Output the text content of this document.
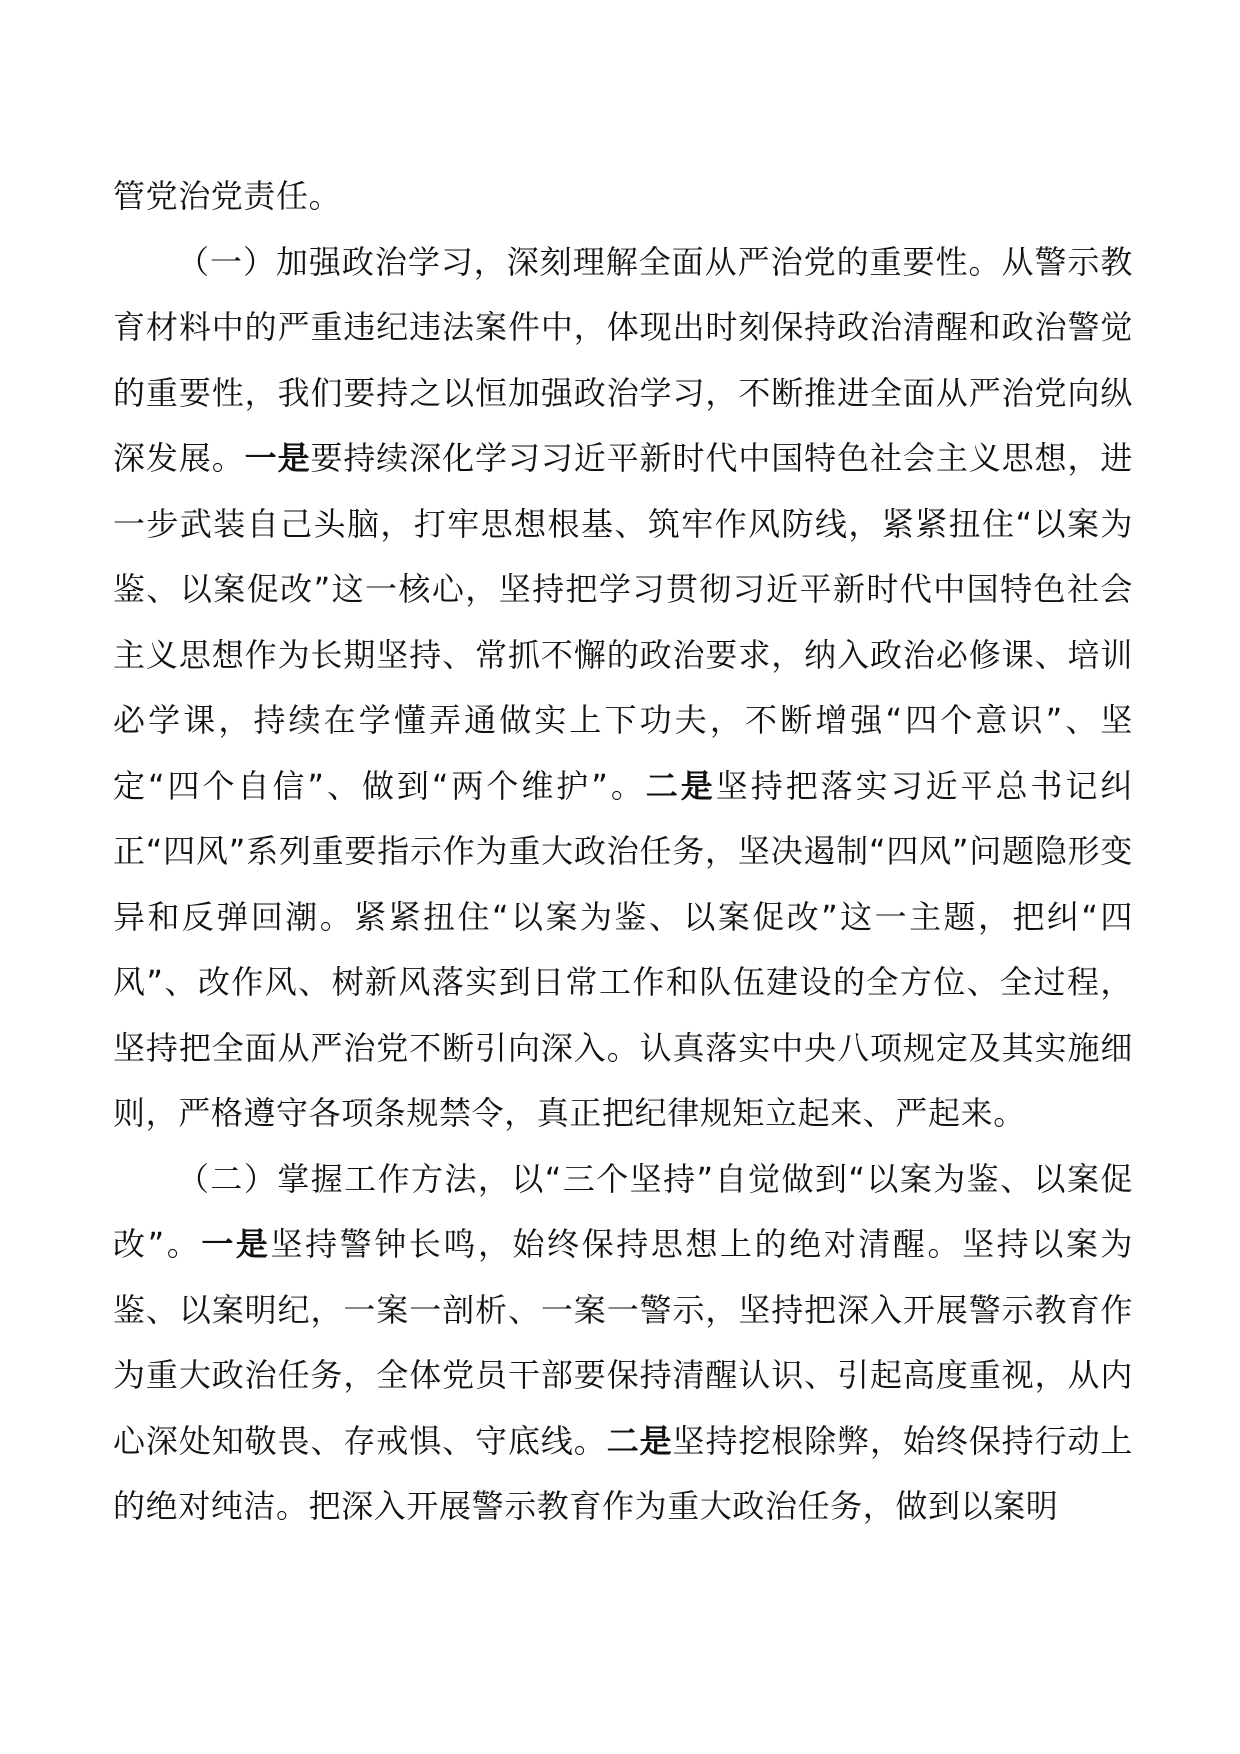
管党治党责任。

（一）加强政治学习，深刻理解全面从严治党的重要性。从警示教育材料中的严重违纪违法案件中，体现出时刻保持政治清醒和政治警觉的重要性，我们要持之以恒加强政治学习，不断推进全面从严治党向纵深发展。一是要持续深化学习习近平新时代中国特色社会主义思想，进一步武装自己头脑，打牢思想根基、筑牢作风防线，紧紧扭住“以案为鉴、以案促改”这一核心，坚持把学习贯彻习近平新时代中国特色社会主义思想作为长期坚持、常抓不懈的政治要求，纳入政治必修课、培训必学课，持续在学懂弄通做实上下功夫，不断增强“四个意识”、坚定“四个自信”、做到“两个维护”。二是坚持把落实习近平总书记纠正“四风”系列重要指示作为重大政治任务，坚决遏制“四风”问题隐形变异和反弹回潮。紧紧扭住“以案为鉴、以案促改”这一主题，把纠“四风”、改作风、树新风落实到日常工作和队伍建设的全方位、全过程，坚持把全面从严治党不断引向深入。认真落实中央八项规定及其实施细则，严格遵守各项条规禁令，真正把纪律规矩立起来、严起来。

（二）掌握工作方法，以“三个坚持”自觉做到“以案为鉴、以案促改”。一是坚持警钟长鸣，始终保持思想上的绝对清醒。坚持以案为鉴、以案明纪，一案一剖析、一案一警示，坚持把深入开展警示教育作为重大政治任务，全体党员干部要保持清醒认识、引起高度重视，从内心深处知敬畏、存戒惧、守底线。二是坚持挖根除弊，始终保持行动上的绝对纯洁。把深入开展警示教育作为重大政治任务，做到以案明
